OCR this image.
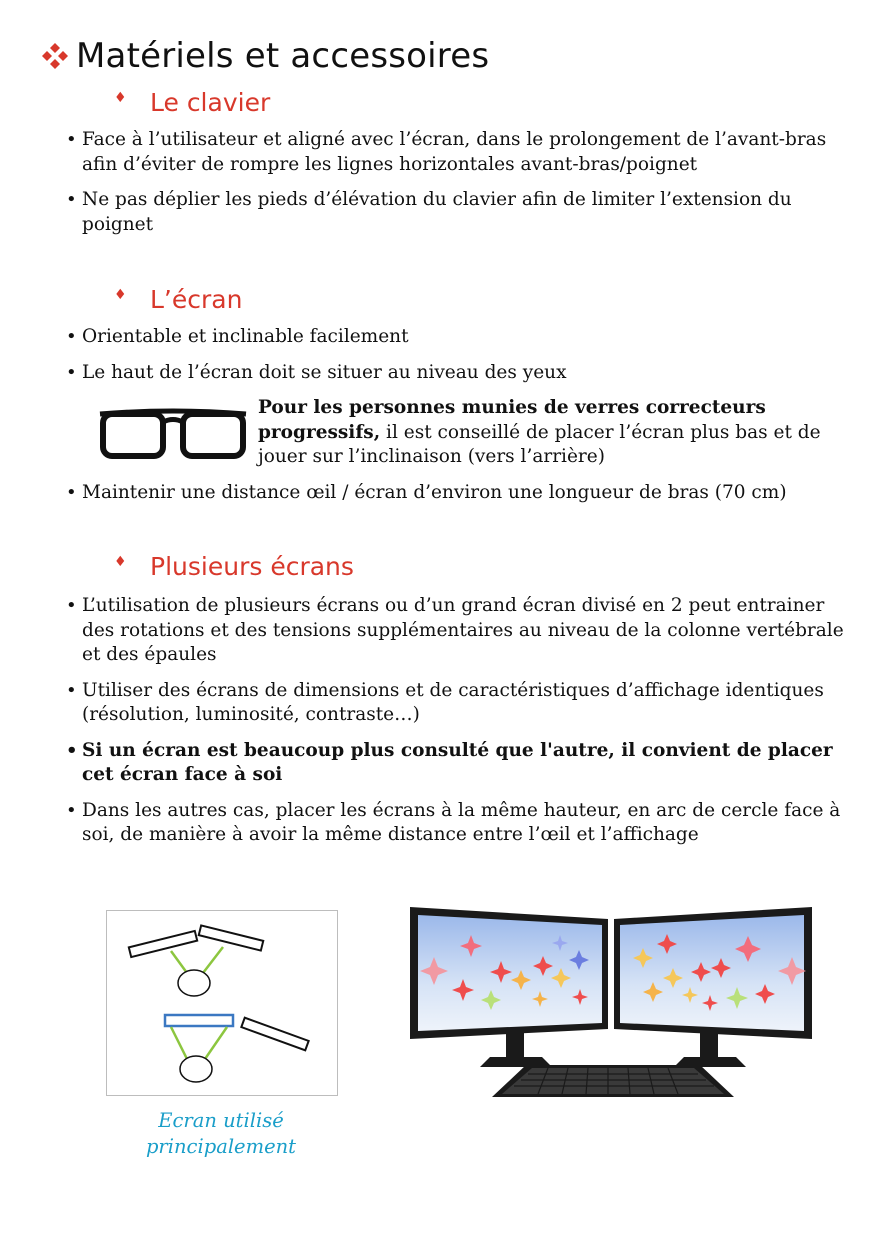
Matériels et accessoires
♦ Le clavier
• Face à l’utilisateur et aligné avec l’écran, dans le prolongement de l’avant-bras afin d’éviter de rompre les lignes horizontales avant-bras/poignet
• Ne pas déplier les pieds d’élévation du clavier afin de limiter l’extension du poignet
♦ L’écran
• Orientable et inclinable facilement
• Le haut de l’écran doit se situer au niveau des yeux
Pour les personnes munies de verres correcteurs progressifs, il est conseillé de placer l’écran plus bas et de jouer sur l’inclinaison (vers l’arrière)
• Maintenir une distance œil / écran d’environ une longueur de bras (70 cm)
♦ Plusieurs écrans
• L’utilisation de plusieurs écrans ou d’un grand écran divisé en 2 peut entrainer des rotations et des tensions supplémentaires au niveau de la colonne vertébrale et des épaules
• Utiliser des écrans de dimensions et de caractéristiques d’affichage identiques (résolution, luminosité, contraste…)
• Si un écran est beaucoup plus consulté que l'autre, il convient de placer cet écran face à soi
• Dans les autres cas, placer les écrans à la même hauteur, en arc de cercle face à soi, de manière à avoir la même distance entre l’œil et l’affichage
Ecran utilisé principalement
